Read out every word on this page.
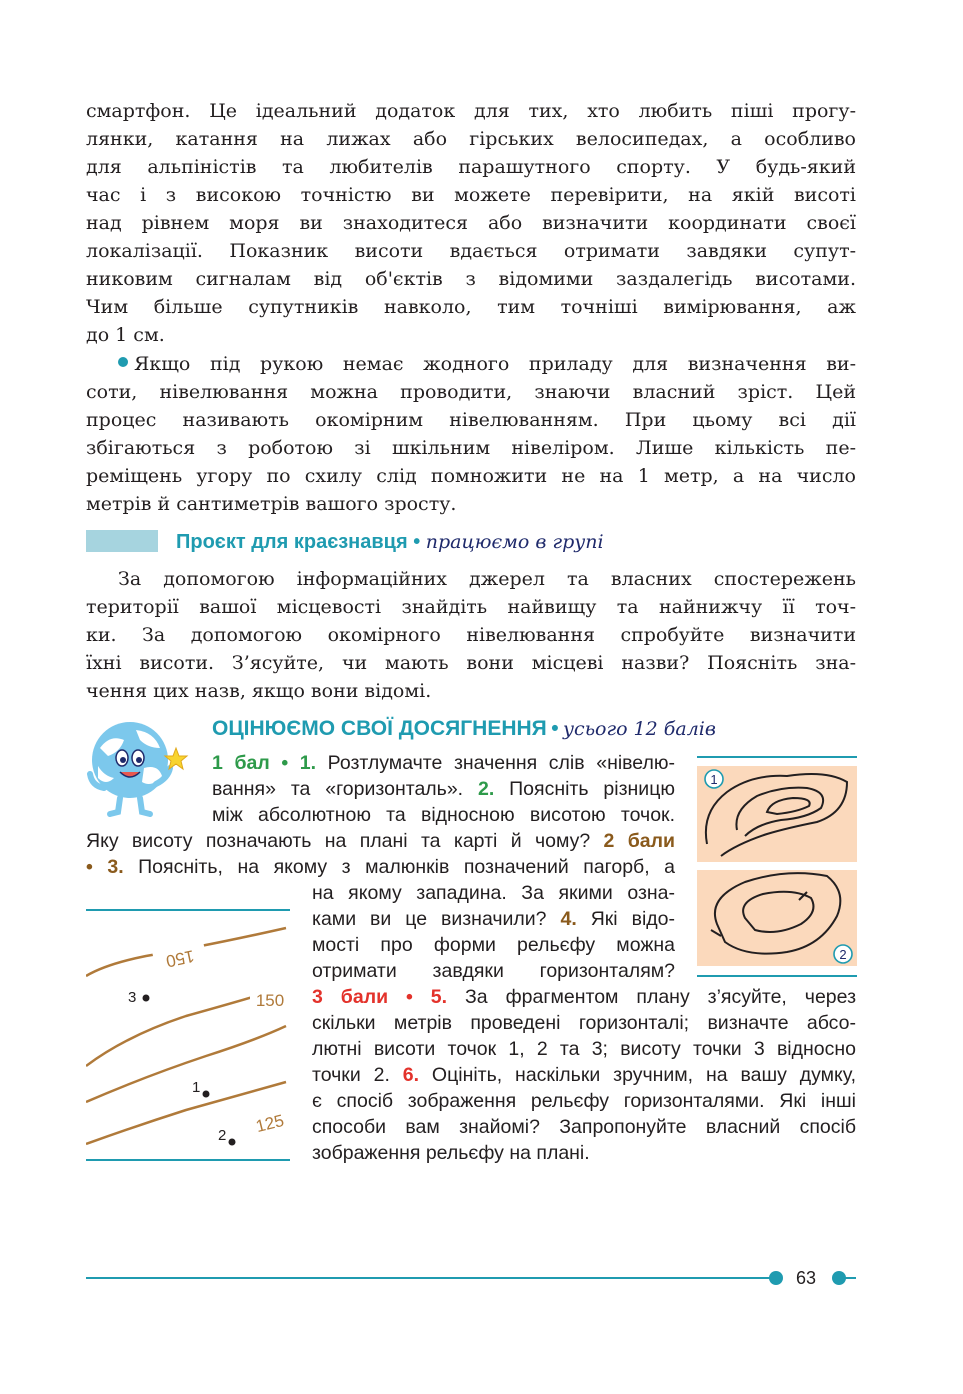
смартфон. Це ідеальний додаток для тих, хто любить піші прогу-
лянки, катання на лижах або гірських велосипедах, а особливо
для альпіністів та любителів парашутного спорту. У будь-який
час і з високою точністю ви можете перевірити, на якій висоті
над рівнем моря ви знаходитеся або визначити координати своєї
локалізації. Показник висоти вдається отримати завдяки супут-
никовим сигналам від об'єктів з відомими заздалегідь висотами.
Чим більше супутників навколо, тим точніші вимірювання, аж
до 1 см.
Якщо під рукою немає жодного приладу для визначення ви-
соти, нівелювання можна проводити, знаючи власний зріст. Цей
процес називають окомірним нівелюванням. При цьому всі дії
збігаються з роботою зі шкільним нівеліром. Лише кількість пе-
реміщень угору по схилу слід помножити не на 1 метр, а на число
метрів й сантиметрів вашого зросту.
Проєкт для краєзнавця • працюємо в групі
За допомогою інформаційних джерел та власних спостережень
території вашої місцевості знайдіть найвищу та найнижчу її точ-
ки. За допомогою окомірного нівелювання спробуйте визначити
їхні висоти. З’ясуйте, чи мають вони місцеві назви? Поясніть зна-
чення цих назв, якщо вони відомі.
ОЦІНЮЄМО СВОЇ ДОСЯГНЕННЯ • усього 12 балів
1 бал • 1. Розтлумачте значення слів «нівелю-
вання» та «горизонталь». 2. Поясніть різницю
між абсолютною та відносною висотою точок.
Яку висоту позначають на плані та карті й чому? 2 бали
• 3. Поясніть, на якому з малюнків позначений пагорб, а
на якому западина. За якими озна-
ками ви це визначили? 4. Які відо-
мості про форми рельєфу можна
отримати завдяки горизонталям?
3 бали • 5. За фрагментом плану з’ясуйте, через
скільки метрів проведені горизонталі; визначте абсо-
лютні висоти точок 1, 2 та 3; висоту точки 3 відносно
точки 2. 6. Оцініть, наскільки зручним, на вашу думку,
є спосіб зображення рельєфу горизонталями. Які інші
способи вам знайомі? Запропонуйте власний спосіб
зображення рельєфу на плані.
1
2
150
150
125
3
1
2
63
